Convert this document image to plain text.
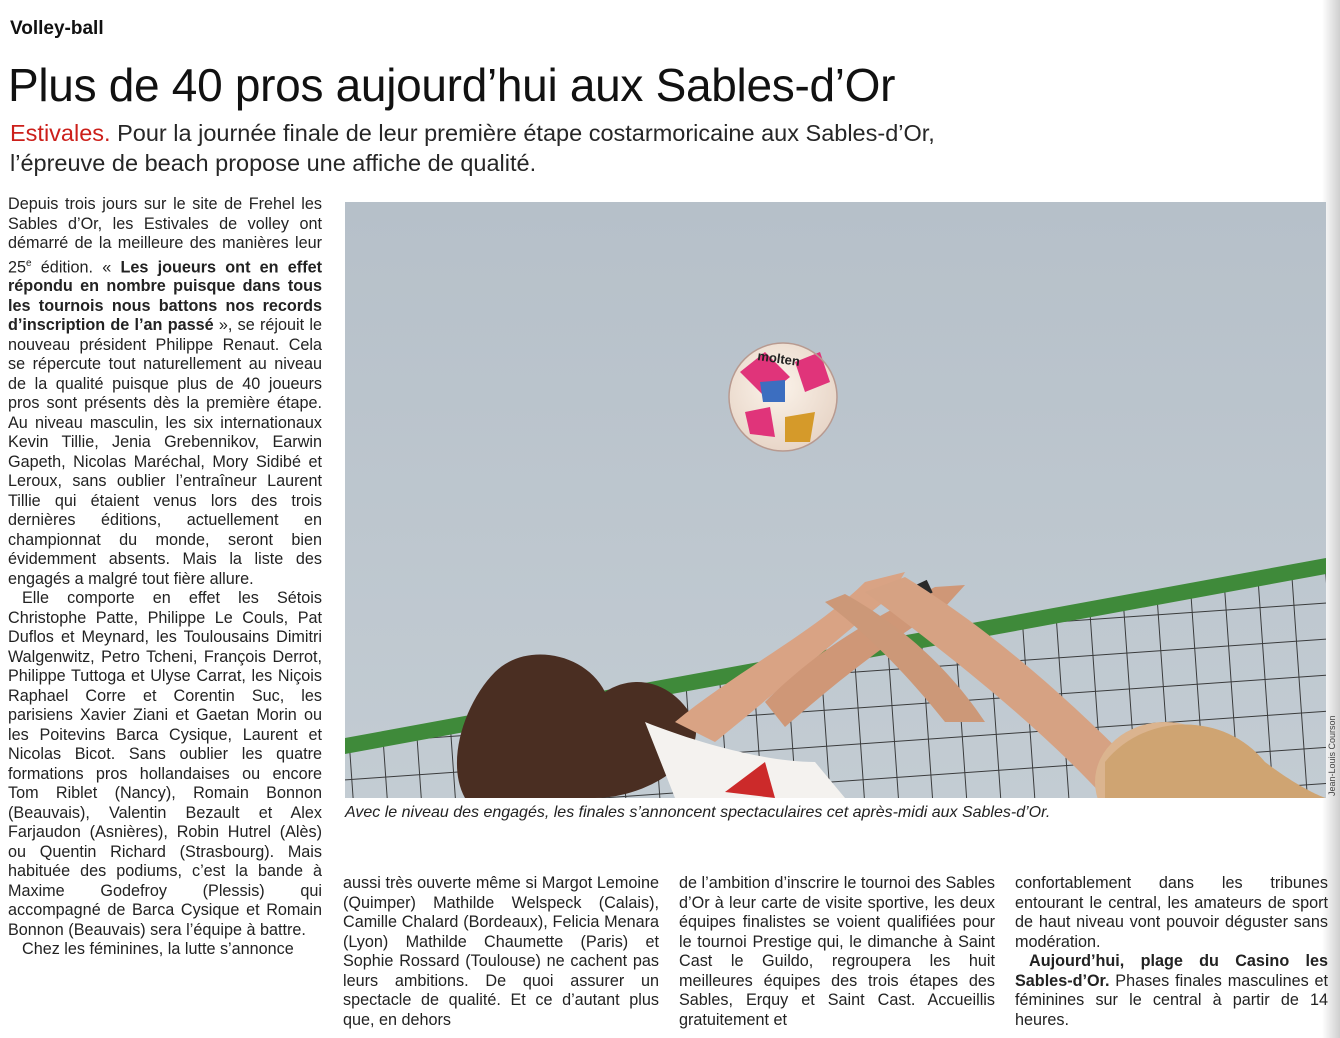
Volley-ball
Plus de 40 pros aujourd’hui aux Sables-d’Or
Estivales. Pour la journée finale de leur première étape costarmoricaine aux Sables-d’Or, l’épreuve de beach propose une affiche de qualité.

Depuis trois jours sur le site de Frehel les Sables d’Or, les Estivales de volley ont démarré de la meilleure des manières leur 25e édition. « Les joueurs ont en effet répondu en nombre puisque dans tous les tournois nous battons nos records d’inscription de l’an passé », se réjouit le nouveau président Philippe Renaut. Cela se répercute tout naturellement au niveau de la qualité puisque plus de 40 joueurs pros sont présents dès la première étape. Au niveau masculin, les six internationaux Kevin Tillie, Jenia Grebennikov, Earwin Gapeth, Nicolas Maréchal, Mory Sidibé et Leroux, sans oublier l’entraîneur Laurent Tillie qui étaient venus lors des trois dernières éditions, actuellement en championnat du monde, seront bien évidemment absents. Mais la liste des engagés a malgré tout fière allure.

Elle comporte en effet les Sétois Christophe Patte, Philippe Le Couls, Pat Duflos et Meynard, les Toulousains Dimitri Walgenwitz, Petro Tcheni, François Derrot, Philippe Tuttoga et Ulyse Carrat, les Niçois Raphael Corre et Corentin Suc, les parisiens Xavier Ziani et Gaetan Morin ou les Poitevins Barca Cysique, Laurent et Nicolas Bicot. Sans oublier les quatre formations pros hollandaises ou encore Tom Riblet (Nancy), Romain Bonnon (Beauvais), Valentin Bezault et Alex Farjaudon (Asnières), Robin Hutrel (Alès) ou Quentin Richard (Strasbourg). Mais habituée des podiums, c’est la bande à Maxime Godefroy (Plessis) qui accompagné de Barca Cysique et Romain Bonnon (Beauvais) sera l’équipe à battre.

Chez les féminines, la lutte s’annonce

molten
Jean-Louis Courson
Avec le niveau des engagés, les finales s’annoncent spectaculaires cet après-midi aux Sables-d’Or.

aussi très ouverte même si Margot Lemoine (Quimper) Mathilde Welspeck (Calais), Camille Chalard (Bordeaux), Felicia Menara (Lyon) Mathilde Chaumette (Paris) et Sophie Rossard (Toulouse) ne cachent pas leurs ambitions. De quoi assurer un spectacle de qualité. Et ce d’autant plus que, en dehors

de l’ambition d’inscrire le tournoi des Sables d’Or à leur carte de visite sportive, les deux équipes finalistes se voient qualifiées pour le tournoi Prestige qui, le dimanche à Saint Cast le Guildo, regroupera les huit meilleures équipes des trois étapes des Sables, Erquy et Saint Cast. Accueillis gratuitement et

confortablement dans les tribunes entourant le central, les amateurs de sport de haut niveau vont pouvoir déguster sans modération.

Aujourd’hui, plage du Casino les Sables-d’Or. Phases finales masculines et féminines sur le central à partir de 14 heures.
